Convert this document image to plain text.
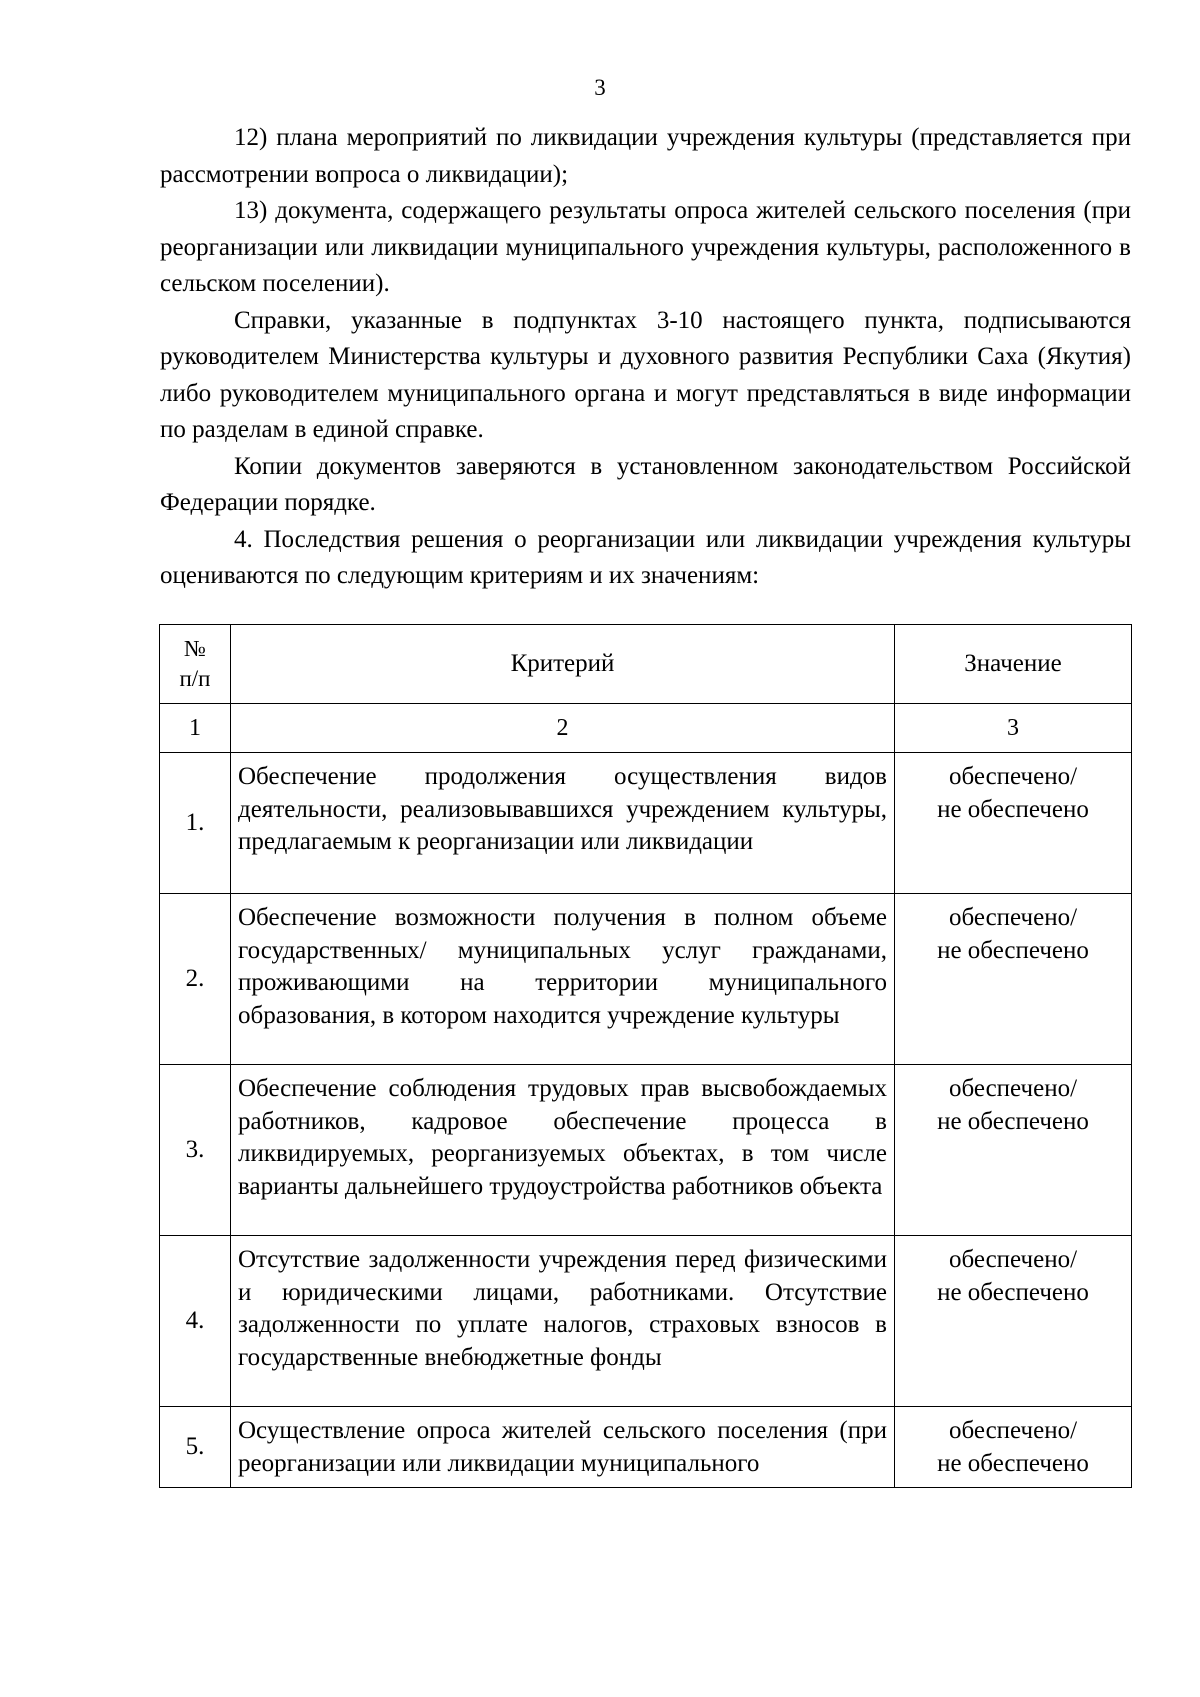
3

12) плана мероприятий по ликвидации учреждения культуры (представляется при рассмотрении вопроса о ликвидации);

13) документа, содержащего результаты опроса жителей сельского поселения (при реорганизации или ликвидации муниципального учреждения культуры, расположенного в сельском поселении).

Справки, указанные в подпунктах 3-10 настоящего пункта, подписываются руководителем Министерства культуры и духовного развития Республики Саха (Якутия) либо руководителем муниципального органа и могут представляться в виде информации по разделам в единой справке.

Копии документов заверяются в установленном законодательством Российской Федерации порядке.

4. Последствия решения о реорганизации или ликвидации учреждения культуры оцениваются по следующим критериям и их значениям:

№
п/п	Критерий	Значение
1	2	3
1.	Обеспечение продолжения осуществления видов деятельности, реализовывавшихся учреждением культуры, предлагаемым к реорганизации или ликвидации	обеспечено/
не обеспечено
2.	Обеспечение возможности получения в полном объеме государственных/ муниципальных услуг гражданами, проживающими на территории муниципального образования, в котором находится учреждение культуры	обеспечено/
не обеспечено
3.	Обеспечение соблюдения трудовых прав высвобождаемых работников, кадровое обеспечение процесса в ликвидируемых, реорганизуемых объектах, в том числе варианты дальнейшего трудоустройства работников объекта	обеспечено/
не обеспечено
4.	Отсутствие задолженности учреждения перед физическими и юридическими лицами, работниками. Отсутствие задолженности по уплате налогов, страховых взносов в государственные внебюджетные фонды	обеспечено/
не обеспечено
5.	Осуществление опроса жителей сельского поселения (при реорганизации или ликвидации муниципального	обеспечено/
не обеспечено
